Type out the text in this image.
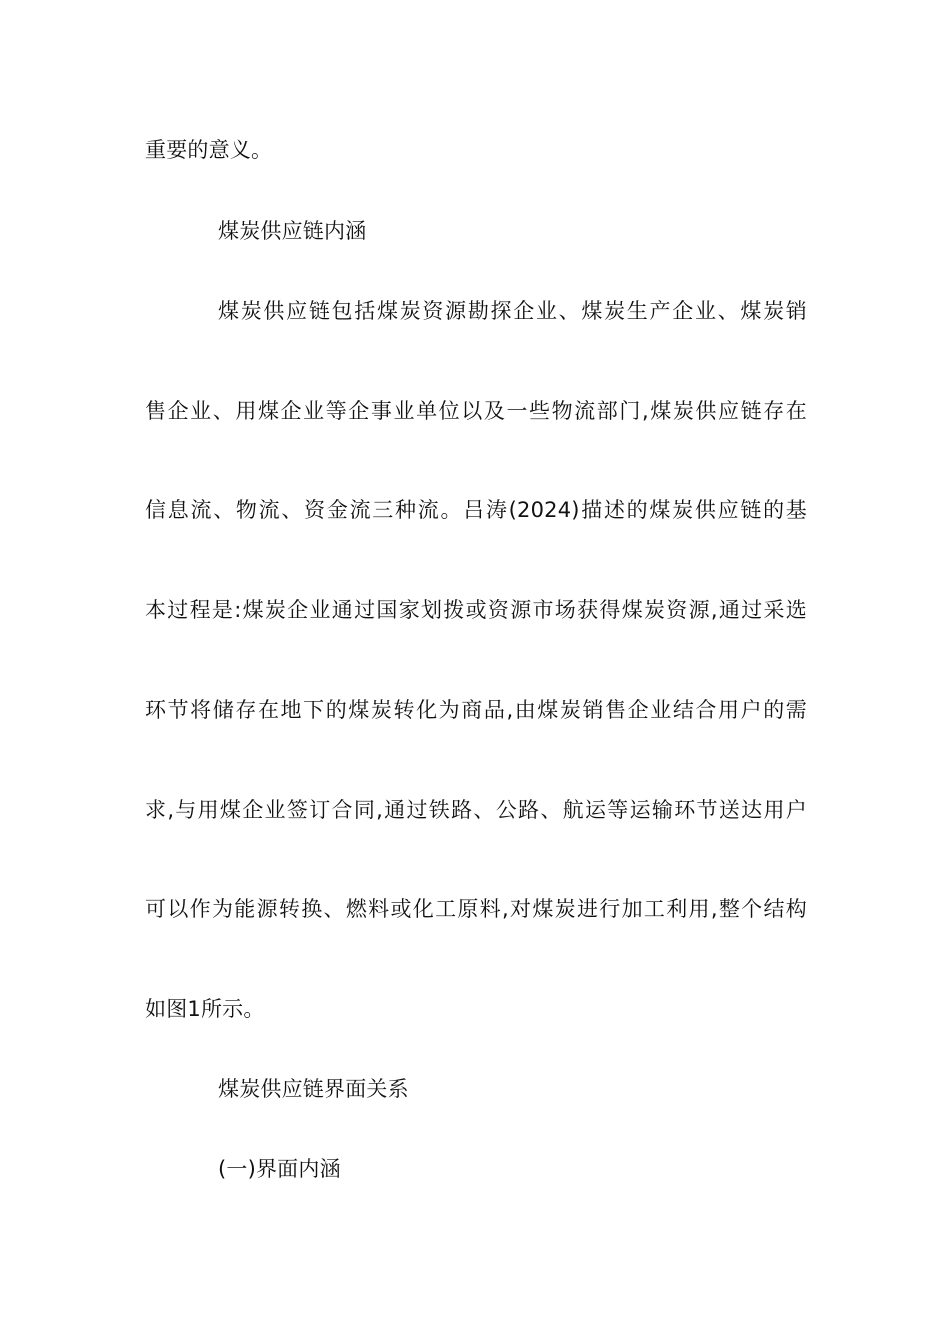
重要的意义。
煤炭供应链内涵
煤炭供应链包括煤炭资源勘探企业、煤炭生产企业、煤炭销
售企业、用煤企业等企事业单位以及一些物流部门,煤炭供应链存在
信息流、物流、资金流三种流。吕涛(2024)描述的煤炭供应链的基
本过程是:煤炭企业通过国家划拨或资源市场获得煤炭资源,通过采选
环节将储存在地下的煤炭转化为商品,由煤炭销售企业结合用户的需
求,与用煤企业签订合同,通过铁路、公路、航运等运输环节送达用户
可以作为能源转换、燃料或化工原料,对煤炭进行加工利用,整个结构
如图1所示。
煤炭供应链界面关系
(一)界面内涵
